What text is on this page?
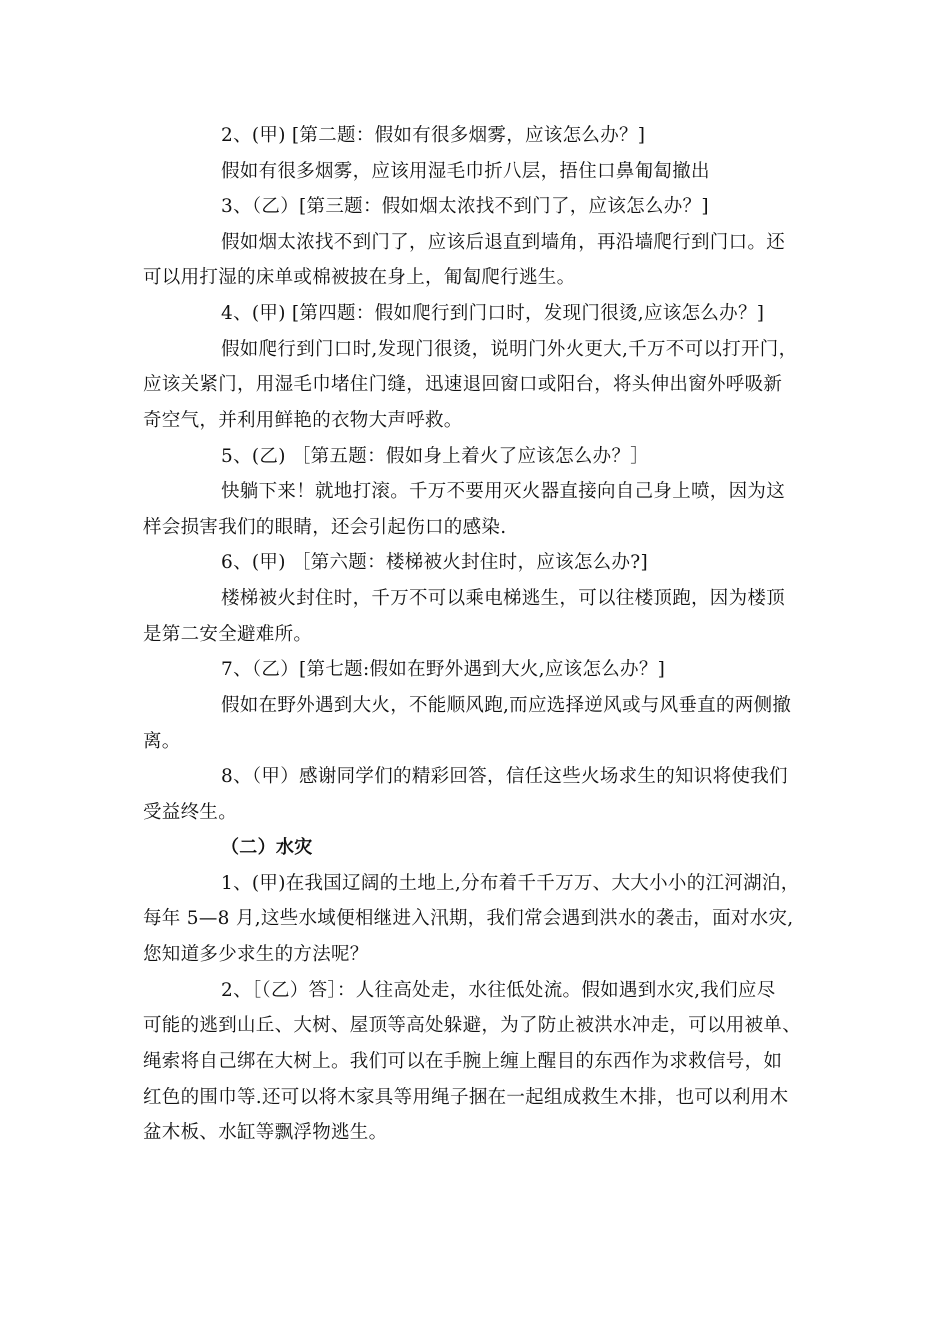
2、(甲) [第二题：假如有很多烟雾，应该怎么办？]

假如有很多烟雾，应该用湿毛巾折八层，捂住口鼻匍匐撤出

3、（乙）[第三题：假如烟太浓找不到门了，应该怎么办？]

假如烟太浓找不到门了，应该后退直到墙角，再沿墙爬行到门口。还

可以用打湿的床单或棉被披在身上，匍匐爬行逃生。

4、(甲) [第四题：假如爬行到门口时，发现门很烫,应该怎么办？]

假如爬行到门口时,发现门很烫，说明门外火更大,千万不可以打开门，

应该关紧门，用湿毛巾堵住门缝，迅速退回窗口或阳台，将头伸出窗外呼吸新

奇空气，并利用鲜艳的衣物大声呼救。

5、(乙) ［第五题：假如身上着火了应该怎么办？］

快躺下来！就地打滚。千万不要用灭火器直接向自己身上喷，因为这

样会损害我们的眼睛，还会引起伤口的感染.

6、(甲) ［第六题：楼梯被火封住时，应该怎么办?]

楼梯被火封住时，千万不可以乘电梯逃生，可以往楼顶跑，因为楼顶

是第二安全避难所。

7、（乙）[第七题:假如在野外遇到大火,应该怎么办？]

假如在野外遇到大火，不能顺风跑,而应选择逆风或与风垂直的两侧撤

离。

8、（甲）感谢同学们的精彩回答，信任这些火场求生的知识将使我们

受益终生。

（二）水灾

1、(甲)在我国辽阔的土地上,分布着千千万万、大大小小的江河湖泊，

每年 5—8 月,这些水域便相继进入汛期，我们常会遇到洪水的袭击，面对水灾,

您知道多少求生的方法呢？

2、［（乙）答］：人往高处走，水往低处流。假如遇到水灾,我们应尽

可能的逃到山丘、大树、屋顶等高处躲避，为了防止被洪水冲走，可以用被单、

绳索将自己绑在大树上。我们可以在手腕上缠上醒目的东西作为求救信号，如

红色的围巾等.还可以将木家具等用绳子捆在一起组成救生木排，也可以利用木

盆木板、水缸等飘浮物逃生。
